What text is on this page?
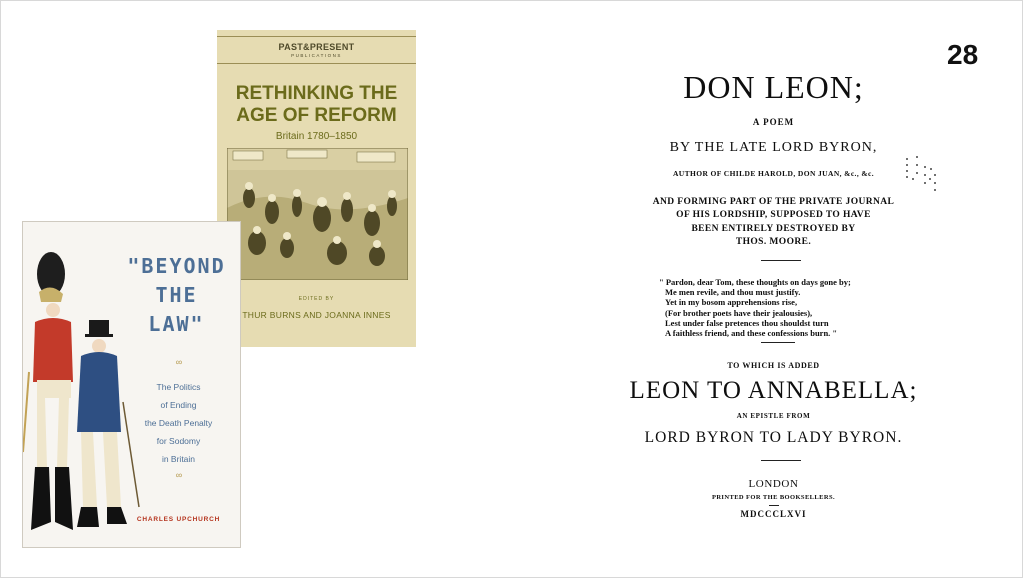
28
PAST&PRESENT
PUBLICATIONS
RETHINKING THE
AGE OF REFORM
Britain 1780–1850
EDITED BY
THUR BURNS AND JOANNA INNES
"BEYOND
THE
LAW"
∞
The Politics
of Ending
the Death Penalty
for Sodomy
in Britain
∞
CHARLES UPCHURCH
DON LEON;
A POEM
BY THE LATE LORD BYRON,
AUTHOR OF CHILDE HAROLD, DON JUAN, &c., &c.
AND FORMING PART OF THE PRIVATE JOURNAL
OF HIS LORDSHIP, SUPPOSED TO HAVE
BEEN ENTIRELY DESTROYED BY
THOS. MOORE.
" Pardon, dear Tom, these thoughts on days gone by;
Me men revile, and thou must justify.
Yet in my bosom apprehensions rise,
(For brother poets have their jealousies),
Lest under false pretences thou shouldst turn
A faithless friend, and these confessions burn. "
TO WHICH IS ADDED
LEON TO ANNABELLA;
AN EPISTLE FROM
LORD BYRON TO LADY BYRON.
LONDON
PRINTED FOR THE BOOKSELLERS.
MDCCCLXVI
